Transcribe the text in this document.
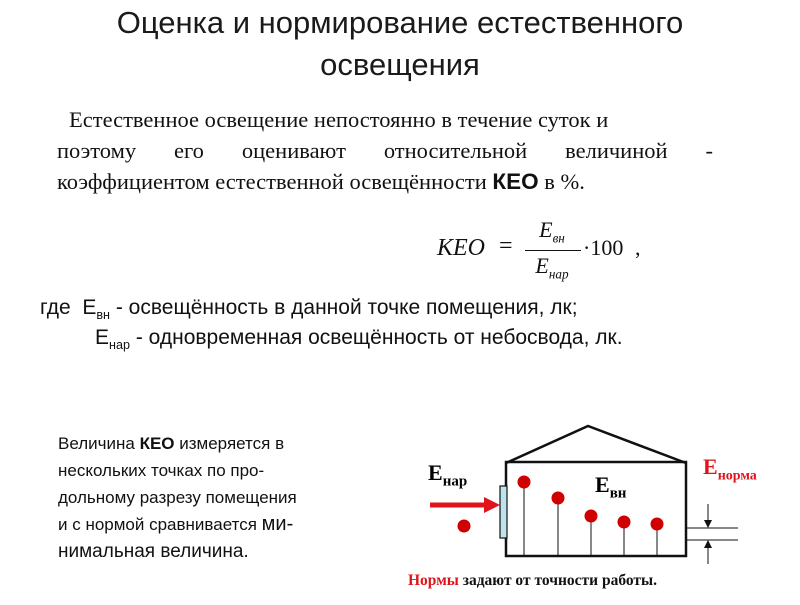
Оценка и нормирование естественного
освещения
Естественное освещение непостоянно в течение суток и
поэтому его оценивают относительной величиной -
коэффициентом естественной освещённости КЕО в %.
КЕО =
$Е_{вн}$
$Е_{нар}$
·100 ,
где $Е_{вн}$ - освещённость в данной точке помещения, лк;
$Е_{нар}$ - одновременная освещённость от небосвода, лк.
Величина КЕО измеряется в
нескольких точках по про-
дольному разрезу помещения
и с нормой сравнивается ми-
нимальная величина.
$Е_{нар}$	$Е_{вн}$
$Е_{норма}$
Нормы задают от точности работы.
